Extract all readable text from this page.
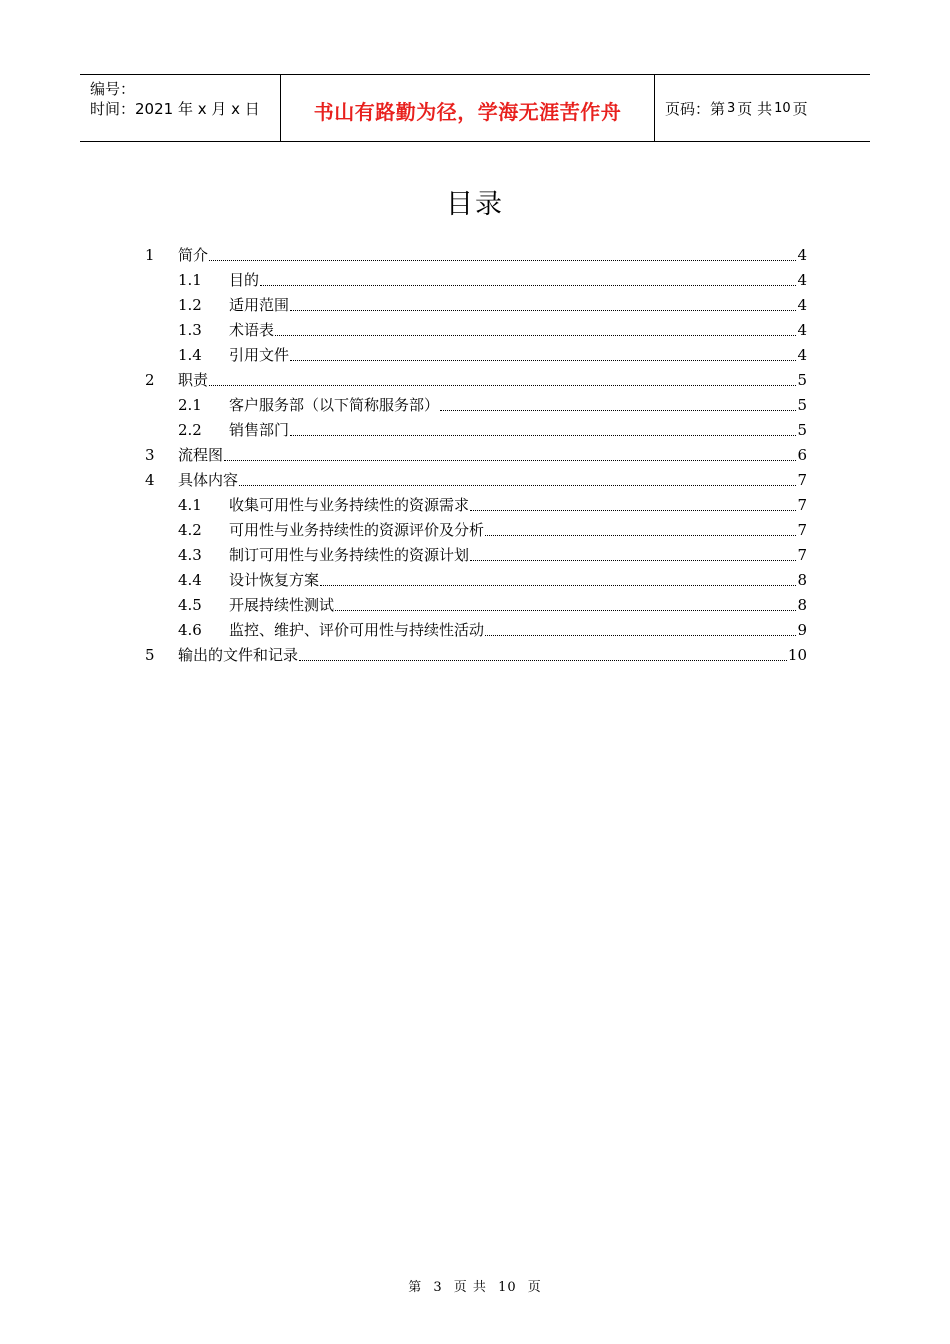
编号：
时间：2021 年 x 月 x 日	书山有路勤为径，学海无涯苦作舟	页码：第 3 页 共 10 页
目录
1	简介	4
1.1	目的	4
1.2	适用范围	4
1.3	术语表	4
1.4	引用文件	4
2	职责	5
2.1	客户服务部（以下简称服务部）	5
2.2	销售部门	5
3	流程图	6
4	具体内容	7
4.1	收集可用性与业务持续性的资源需求	7
4.2	可用性与业务持续性的资源评价及分析	7
4.3	制订可用性与业务持续性的资源计划	7
4.4	设计恢复方案	8
4.5	开展持续性测试	8
4.6	监控、维护、评价可用性与持续性活动	9
5	输出的文件和记录	10
第 3 页 共 10 页
